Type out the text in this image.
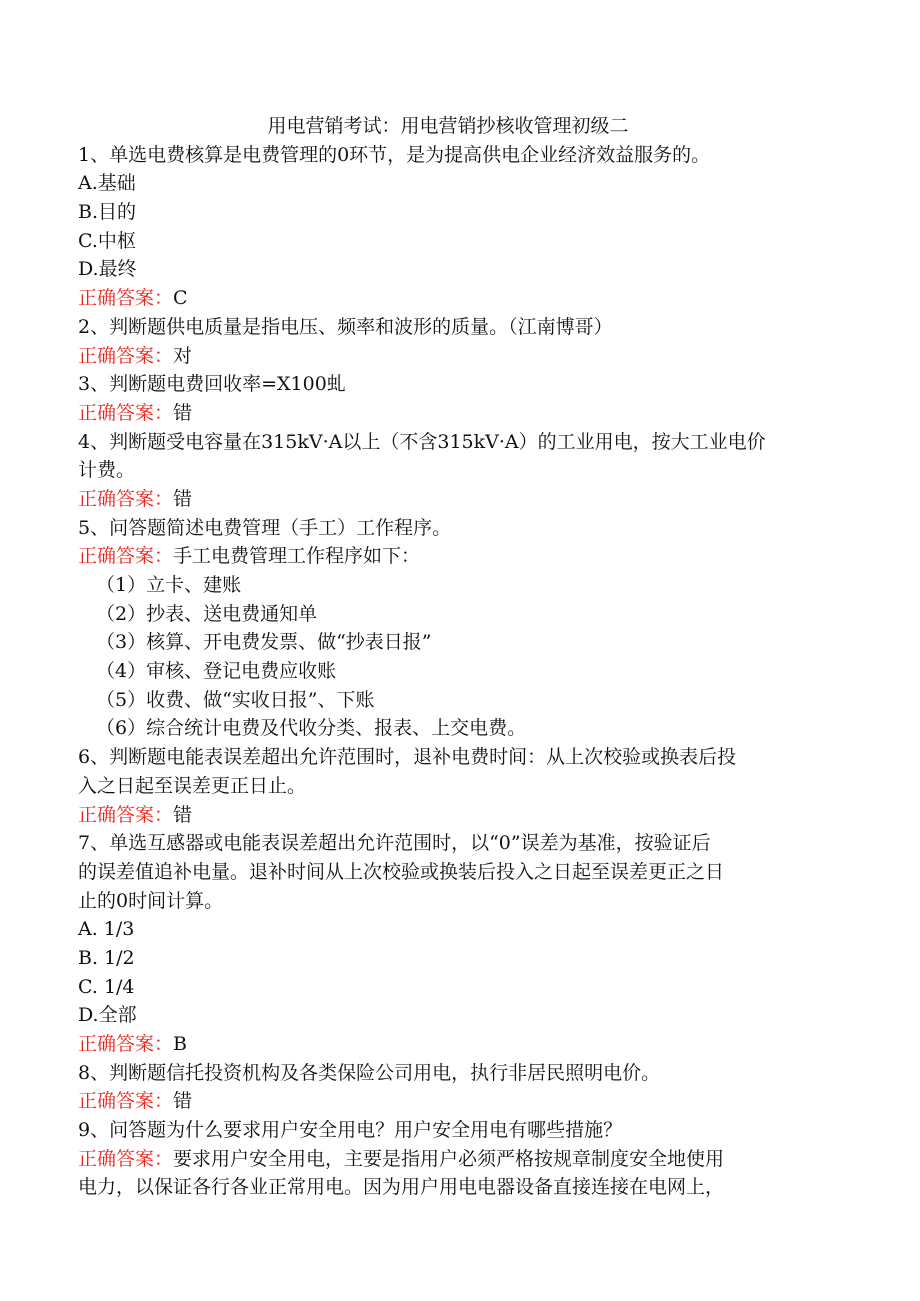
用电营销考试：用电营销抄核收管理初级二
1、单选电费核算是电费管理的0环节，是为提高供电企业经济效益服务的。
A.基础
B.目的
C.中枢
D.最终
正确答案：C
2、判断题供电质量是指电压、频率和波形的质量。（江南博哥）
正确答案：对
3、判断题电费回收率=X100虬
正确答案：错
4、判断题受电容量在315kV·A以上（不含315kV·A）的工业用电，按大工业电价
计费。
正确答案：错
5、问答题简述电费管理（手工）工作程序。
正确答案：手工电费管理工作程序如下：
（1）立卡、建账
（2）抄表、送电费通知单
（3）核算、开电费发票、做“抄表日报”
（4）审核、登记电费应收账
（5）收费、做“实收日报”、下账
（6）综合统计电费及代收分类、报表、上交电费。
6、判断题电能表误差超出允许范围时，退补电费时间：从上次校验或换表后投
入之日起至误差更正日止。
正确答案：错
7、单选互感器或电能表误差超出允许范围时，以“0”误差为基准，按验证后
的误差值追补电量。退补时间从上次校验或换装后投入之日起至误差更正之日
止的0时间计算。
A. 1/3
B. 1/2
C. 1/4
D.全部
正确答案：B
8、判断题信托投资机构及各类保险公司用电，执行非居民照明电价。
正确答案：错
9、问答题为什么要求用户安全用电？用户安全用电有哪些措施？
正确答案：要求用户安全用电，主要是指用户必须严格按规章制度安全地使用
电力，以保证各行各业正常用电。因为用户用电电器设备直接连接在电网上，
